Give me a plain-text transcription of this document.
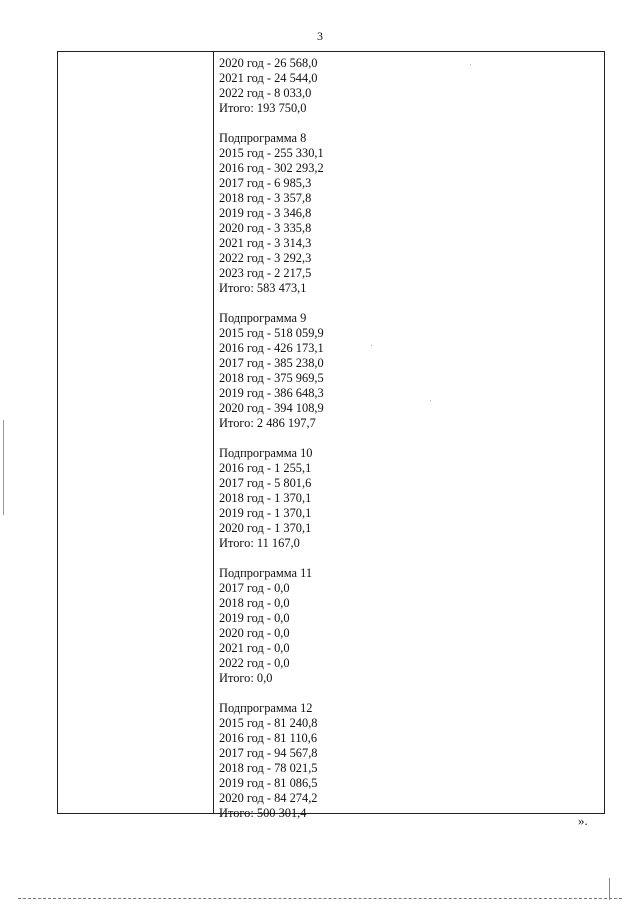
3
2020 год - 26 568,0
2021 год - 24 544,0
2022 год - 8 033,0
Итого: 193 750,0
Подпрограмма 8
2015 год - 255 330,1
2016 год - 302 293,2
2017 год - 6 985,3
2018 год - 3 357,8
2019 год - 3 346,8
2020 год - 3 335,8
2021 год - 3 314,3
2022 год - 3 292,3
2023 год - 2 217,5
Итого: 583 473,1
Подпрограмма 9
2015 год - 518 059,9
2016 год - 426 173,1
2017 год - 385 238,0
2018 год - 375 969,5
2019 год - 386 648,3
2020 год - 394 108,9
Итого: 2 486 197,7
Подпрограмма 10
2016 год - 1 255,1
2017 год - 5 801,6
2018 год - 1 370,1
2019 год - 1 370,1
2020 год - 1 370,1
Итого: 11 167,0
Подпрограмма 11
2017 год - 0,0
2018 год - 0,0
2019 год - 0,0
2020 год - 0,0
2021 год - 0,0
2022 год - 0,0
Итого: 0,0
Подпрограмма 12
2015 год - 81 240,8
2016 год - 81 110,6
2017 год - 94 567,8
2018 год - 78 021,5
2019 год - 81 086,5
2020 год - 84 274,2
Итого: 500 301,4	».
